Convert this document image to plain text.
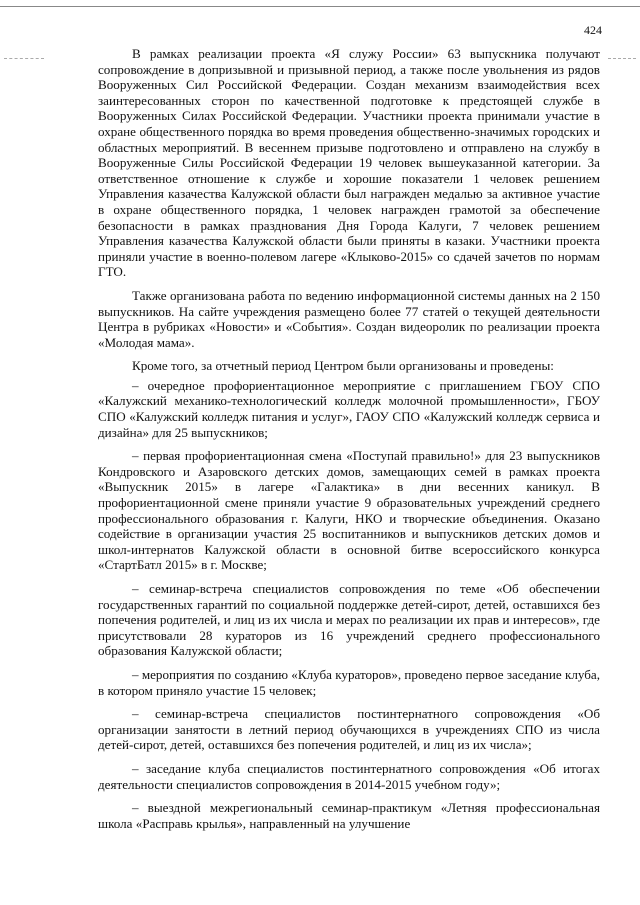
424

В рамках реализации проекта «Я служу России» 63 выпускника получают сопровождение в допризывной и призывной период, а также после увольнения из рядов Вооруженных Сил Российской Федерации. Создан механизм взаимодействия всех заинтересованных сторон по качественной подготовке к предстоящей службе в Вооруженных Силах Российской Федерации. Участники проекта принимали участие в охране общественного порядка во время проведения общественно-значимых городских и областных мероприятий. В весеннем призыве подготовлено и отправлено на службу в Вооруженные Силы Российской Федерации 19 человек вышеуказанной категории. За ответственное отношение к службе и хорошие показатели 1 человек решением Управления казачества Калужской области был награжден медалью за активное участие в охране общественного порядка, 1 человек награжден грамотой за обеспечение безопасности в рамках празднования Дня Города Калуги, 7 человек решением Управления казачества Калужской области были приняты в казаки. Участники проекта приняли участие в военно-полевом лагере «Клыково-2015» со сдачей зачетов по нормам ГТО.

Также организована работа по ведению информационной системы данных на 2 150 выпускников. На сайте учреждения размещено более 77 статей о текущей деятельности Центра в рубриках «Новости» и «События». Создан видеоролик по реализации проекта «Молодая мама».

Кроме того, за отчетный период Центром были организованы и проведены:

– очередное профориентационное мероприятие с приглашением ГБОУ СПО «Калужский механико-технологический колледж молочной промышленности», ГБОУ СПО «Калужский колледж питания и услуг», ГАОУ СПО «Калужский колледж сервиса и дизайна» для 25 выпускников;

– первая профориентационная смена «Поступай правильно!» для 23 выпускников Кондровского и Азаровского детских домов, замещающих семей в рамках проекта «Выпускник 2015» в лагере «Галактика» в дни весенних каникул. В профориентационной смене приняли участие 9 образовательных учреждений среднего профессионального образования г. Калуги, НКО и творческие объединения. Оказано содействие в организации участия 25 воспитанников и выпускников детских домов и школ-интернатов Калужской области в основной битве всероссийского конкурса «СтартБатл 2015» в г. Москве;

– семинар-встреча специалистов сопровождения по теме «Об обеспечении государственных гарантий по социальной поддержке детей-сирот, детей, оставшихся без попечения родителей, и лиц из их числа и мерах по реализации их прав и интересов», где присутствовали 28 кураторов из 16 учреждений среднего профессионального образования Калужской области;

– мероприятия по созданию «Клуба кураторов», проведено первое заседание клуба, в котором приняло участие 15 человек;

– семинар-встреча специалистов постинтернатного сопровождения «Об организации занятости в летний период обучающихся в учреждениях СПО из числа детей-сирот, детей, оставшихся без попечения родителей, и лиц из их числа»;

– заседание клуба специалистов постинтернатного сопровождения «Об итогах деятельности специалистов сопровождения в 2014-2015 учебном году»;

– выездной межрегиональный семинар-практикум «Летняя профессиональная школа «Расправь крылья», направленный на улучшение
